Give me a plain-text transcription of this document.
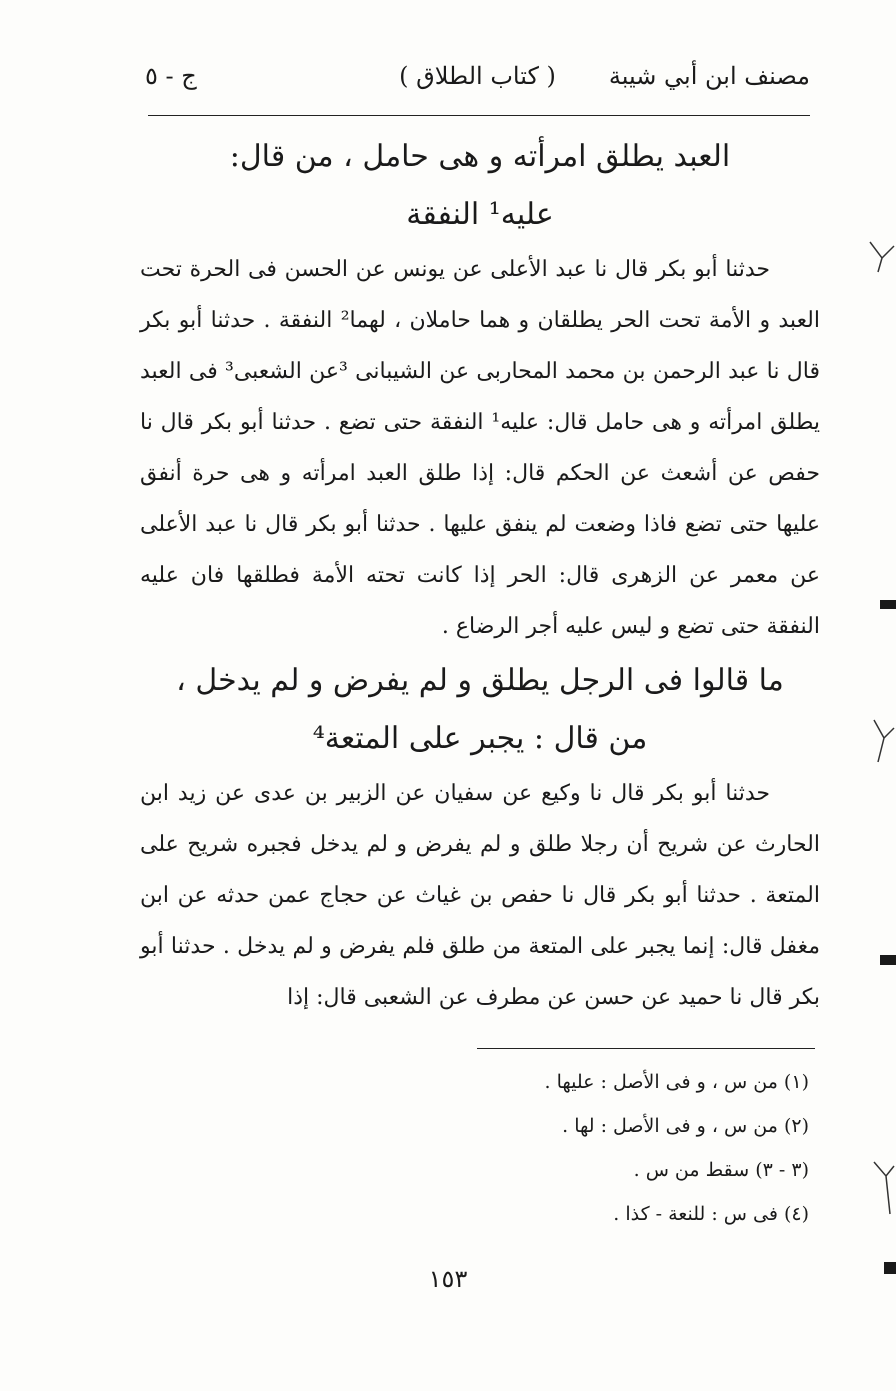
مصنف ابن أبي شيبة
( كتاب الطلاق )
ج - ٥
العبد يطلق امرأته و هى حامل ، من قال:
عليه¹ النفقة

حدثنا أبو بكر قال نا عبد الأعلى عن يونس عن الحسن فى الحرة تحت العبد و الأمة تحت الحر يطلقان و هما حاملان ، لهما² النفقة . حدثنا أبو بكر قال نا عبد الرحمن بن محمد المحاربى عن الشيبانى ³عن الشعبى³ فى العبد يطلق امرأته و هى حامل قال: عليه¹ النفقة حتى تضع . حدثنا أبو بكر قال نا حفص عن أشعث عن الحكم قال: إذا طلق العبد امرأته و هى حرة أنفق عليها حتى تضع فاذا وضعت لم ينفق عليها . حدثنا أبو بكر قال نا عبد الأعلى عن معمر عن الزهرى قال: الحر إذا كانت تحته الأمة فطلقها فان عليه النفقة حتى تضع و ليس عليه أجر الرضاع .

ما قالوا فى الرجل يطلق و لم يفرض و لم يدخل ،
من قال : يجبر على المتعة⁴

حدثنا أبو بكر قال نا وكيع عن سفيان عن الزبير بن عدى عن زيد ابن الحارث عن شريح أن رجلا طلق و لم يفرض و لم يدخل فجبره شريح على المتعة . حدثنا أبو بكر قال نا حفص بن غياث عن حجاج عمن حدثه عن ابن مغفل قال: إنما يجبر على المتعة من طلق فلم يفرض و لم يدخل . حدثنا أبو بكر قال نا حميد عن حسن عن مطرف عن الشعبى قال: إذا

(١) من س ، و فى الأصل : عليها .
(٢) من س ، و فى الأصل : لها .
(٣ - ٣) سقط من س .
(٤) فى س : للنعة - كذا .
١٥٣
